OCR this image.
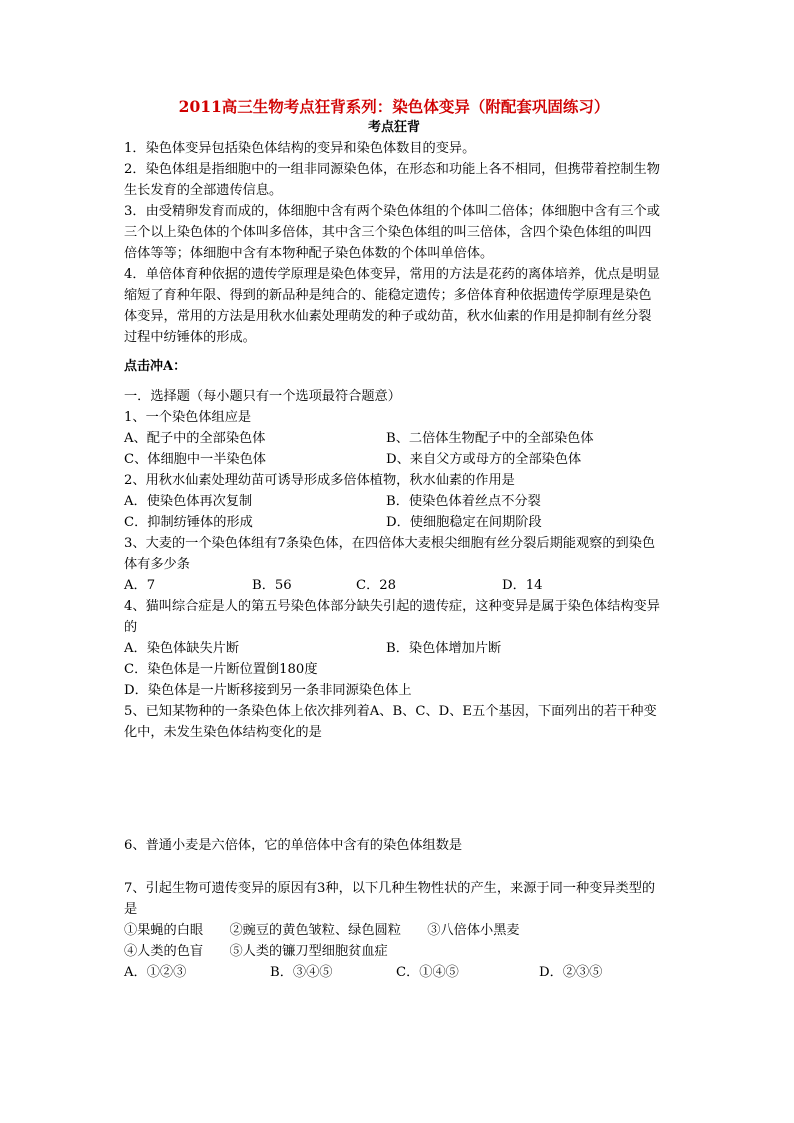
2011高三生物考点狂背系列：染色体变异（附配套巩固练习）
考点狂背

1．染色体变异包括染色体结构的变异和染色体数目的变异。

2．染色体组是指细胞中的一组非同源染色体，在形态和功能上各不相同，但携带着控制生物生长发育的全部遗传信息。

3．由受精卵发育而成的，体细胞中含有两个染色体组的个体叫二倍体；体细胞中含有三个或三个以上染色体的个体叫多倍体，其中含三个染色体组的叫三倍体，含四个染色体组的叫四倍体等等；体细胞中含有本物种配子染色体数的个体叫单倍体。

4．单倍体育种依据的遗传学原理是染色体变异，常用的方法是花药的离体培养，优点是明显缩短了育种年限、得到的新品种是纯合的、能稳定遗传；多倍体育种依据遗传学原理是染色体变异，常用的方法是用秋水仙素处理萌发的种子或幼苗，秋水仙素的作用是抑制有丝分裂过程中纺锤体的形成。

点击冲A：

一．选择题（每小题只有一个选项最符合题意）

1、一个染色体组应是

A、配子中的全部染色体	B、二倍体生物配子中的全部染色体
C、体细胞中一半染色体	D、来自父方或母方的全部染色体

2、用秋水仙素处理幼苗可诱导形成多倍体植物，秋水仙素的作用是

A．使染色体再次复制	B．使染色体着丝点不分裂
C．抑制纺锤体的形成	D．使细胞稳定在间期阶段

3、大麦的一个染色体组有7条染色体，在四倍体大麦根尖细胞有丝分裂后期能观察的到染色体有多少条

A．7	B．56	C．28	D．14

4、猫叫综合症是人的第五号染色体部分缺失引起的遗传症，这种变异是属于染色体结构变异的

A．染色体缺失片断	B．染色体增加片断

C．染色体是一片断位置倒180度

D．染色体是一片断移接到另一条非同源染色体上

5、已知某物种的一条染色体上依次排列着A、B、C、D、E五个基因，下面列出的若干种变化中，未发生染色体结构变化的是

6、普通小麦是六倍体，它的单倍体中含有的染色体组数是

7、引起生物可遗传变异的原因有3种，以下几种生物性状的产生，来源于同一种变异类型的是

①果蝇的白眼　　②豌豆的黄色皱粒、绿色圆粒　　③八倍体小黑麦

④人类的色盲　　⑤人类的镰刀型细胞贫血症

A．①②③	B．③④⑤	C．①④⑤	D．②③⑤
